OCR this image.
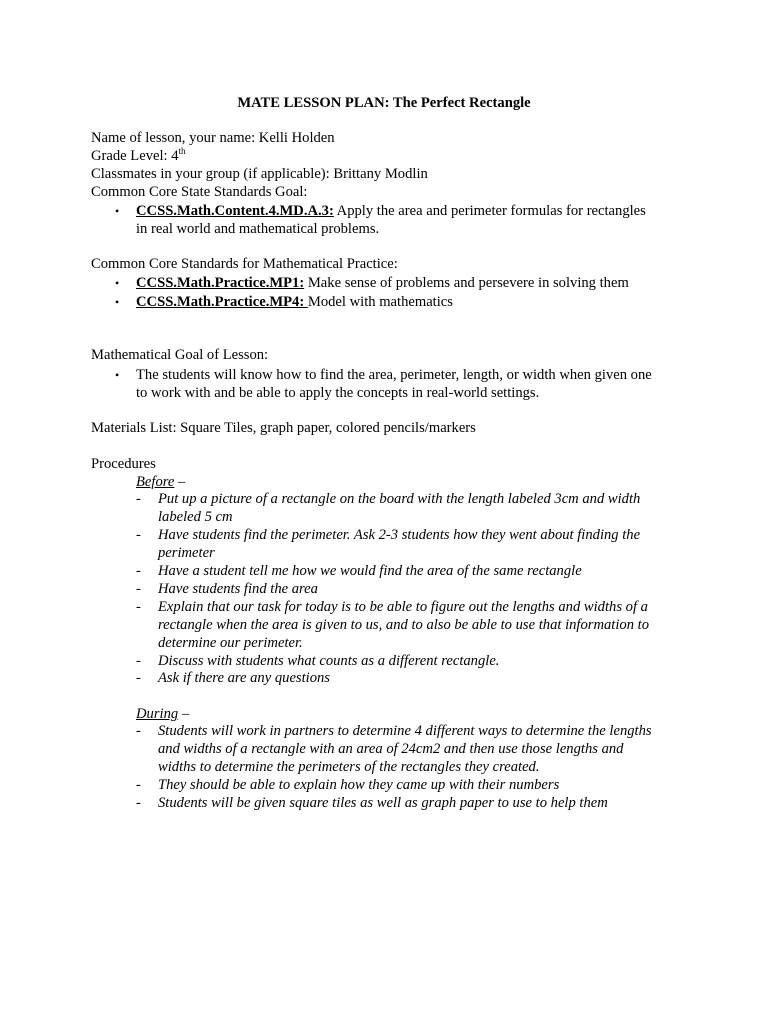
MATE LESSON PLAN: The Perfect Rectangle
Name of lesson, your name: Kelli Holden
Grade Level: 4th
Classmates in your group (if applicable): Brittany Modlin
Common Core State Standards Goal:
• CCSS.Math.Content.4.MD.A.3: Apply the area and perimeter formulas for rectangles
in real world and mathematical problems.
Common Core Standards for Mathematical Practice:
• CCSS.Math.Practice.MP1: Make sense of problems and persevere in solving them
• CCSS.Math.Practice.MP4: Model with mathematics
Mathematical Goal of Lesson:
• The students will know how to find the area, perimeter, length, or width when given one
to work with and be able to apply the concepts in real-world settings.
Materials List: Square Tiles, graph paper, colored pencils/markers
Procedures
Before –
- Put up a picture of a rectangle on the board with the length labeled 3cm and width
labeled 5 cm
- Have students find the perimeter. Ask 2-3 students how they went about finding the
perimeter
- Have a student tell me how we would find the area of the same rectangle
- Have students find the area
- Explain that our task for today is to be able to figure out the lengths and widths of a
rectangle when the area is given to us, and to also be able to use that information to
determine our perimeter.
- Discuss with students what counts as a different rectangle.
- Ask if there are any questions
During –
- Students will work in partners to determine 4 different ways to determine the lengths
and widths of a rectangle with an area of 24cm2 and then use those lengths and
widths to determine the perimeters of the rectangles they created.
- They should be able to explain how they came up with their numbers
- Students will be given square tiles as well as graph paper to use to help them
